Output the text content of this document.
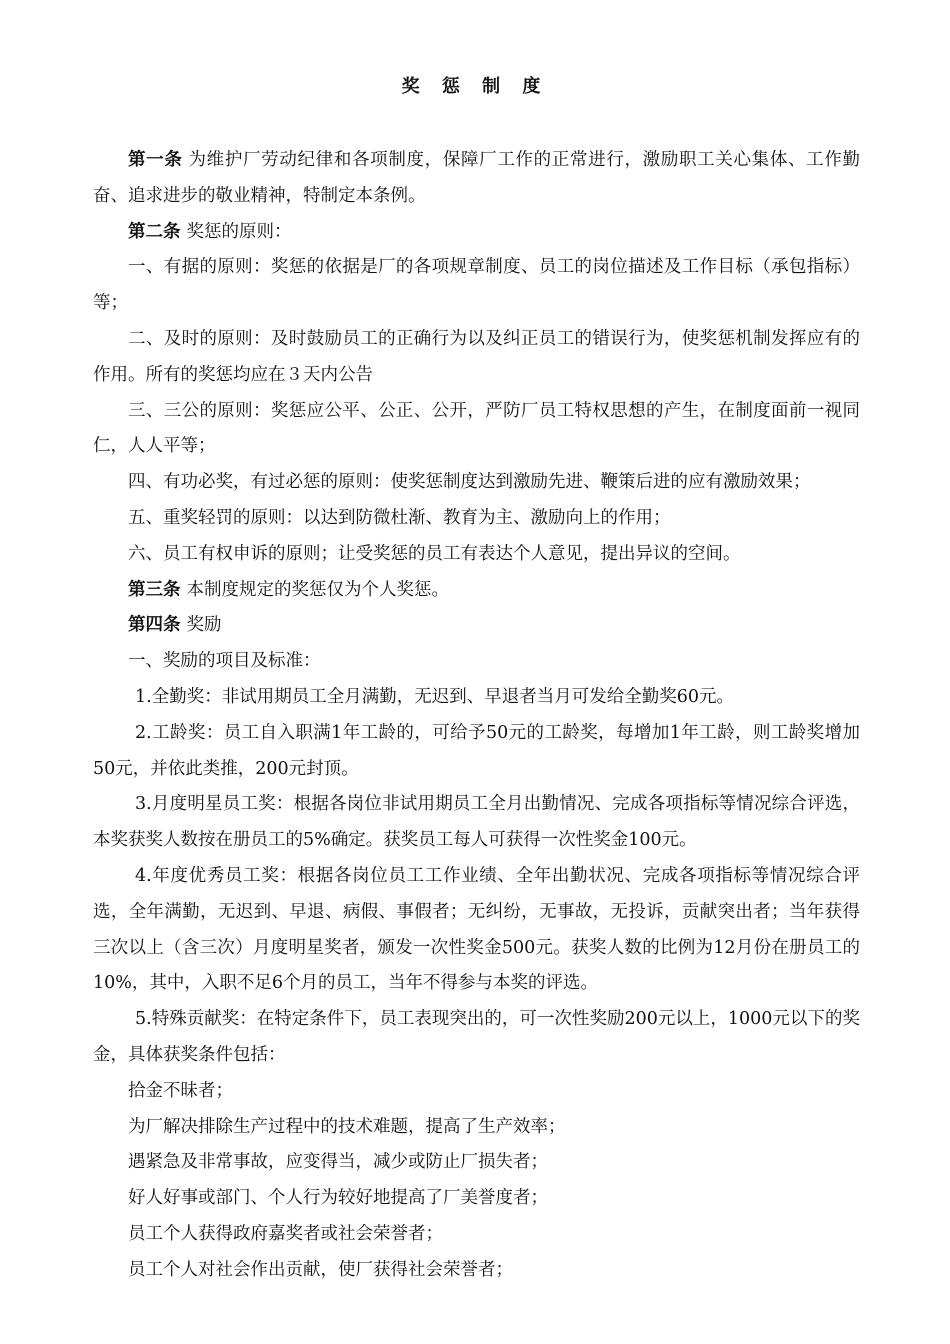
奖 惩 制 度

第一条 为维护厂劳动纪律和各项制度，保障厂工作的正常进行，激励职工关心集体、工作勤奋、追求进步的敬业精神，特制定本条例。

第二条 奖惩的原则：

一、有据的原则：奖惩的依据是厂的各项规章制度、员工的岗位描述及工作目标（承包指标）等；

二、及时的原则：及时鼓励员工的正确行为以及纠正员工的错误行为，使奖惩机制发挥应有的作用。所有的奖惩均应在３天内公告

三、三公的原则：奖惩应公平、公正、公开，严防厂员工特权思想的产生，在制度面前一视同仁，人人平等；

四、有功必奖，有过必惩的原则：使奖惩制度达到激励先进、鞭策后进的应有激励效果；

五、重奖轻罚的原则：以达到防微杜渐、教育为主、激励向上的作用；

六、员工有权申诉的原则；让受奖惩的员工有表达个人意见，提出异议的空间。

第三条 本制度规定的奖惩仅为个人奖惩。

第四条 奖励

一、奖励的项目及标准：

1.全勤奖：非试用期员工全月满勤，无迟到、早退者当月可发给全勤奖60元。

2.工龄奖：员工自入职满1年工龄的，可给予50元的工龄奖，每增加1年工龄，则工龄奖增加50元，并依此类推，200元封顶。

3.月度明星员工奖：根据各岗位非试用期员工全月出勤情况、完成各项指标等情况综合评选，本奖获奖人数按在册员工的5%确定。获奖员工每人可获得一次性奖金100元。

4.年度优秀员工奖：根据各岗位员工工作业绩、全年出勤状况、完成各项指标等情况综合评选，全年满勤，无迟到、早退、病假、事假者；无纠纷，无事故，无投诉，贡献突出者；当年获得三次以上（含三次）月度明星奖者，颁发一次性奖金500元。获奖人数的比例为12月份在册员工的10%，其中，入职不足6个月的员工，当年不得参与本奖的评选。

5.特殊贡献奖：在特定条件下，员工表现突出的，可一次性奖励200元以上，1000元以下的奖金，具体获奖条件包括：

拾金不昧者；

为厂解决排除生产过程中的技术难题，提高了生产效率；

遇紧急及非常事故，应变得当，减少或防止厂损失者；

好人好事或部门、个人行为较好地提高了厂美誉度者；

员工个人获得政府嘉奖者或社会荣誉者；

员工个人对社会作出贡献，使厂获得社会荣誉者；
